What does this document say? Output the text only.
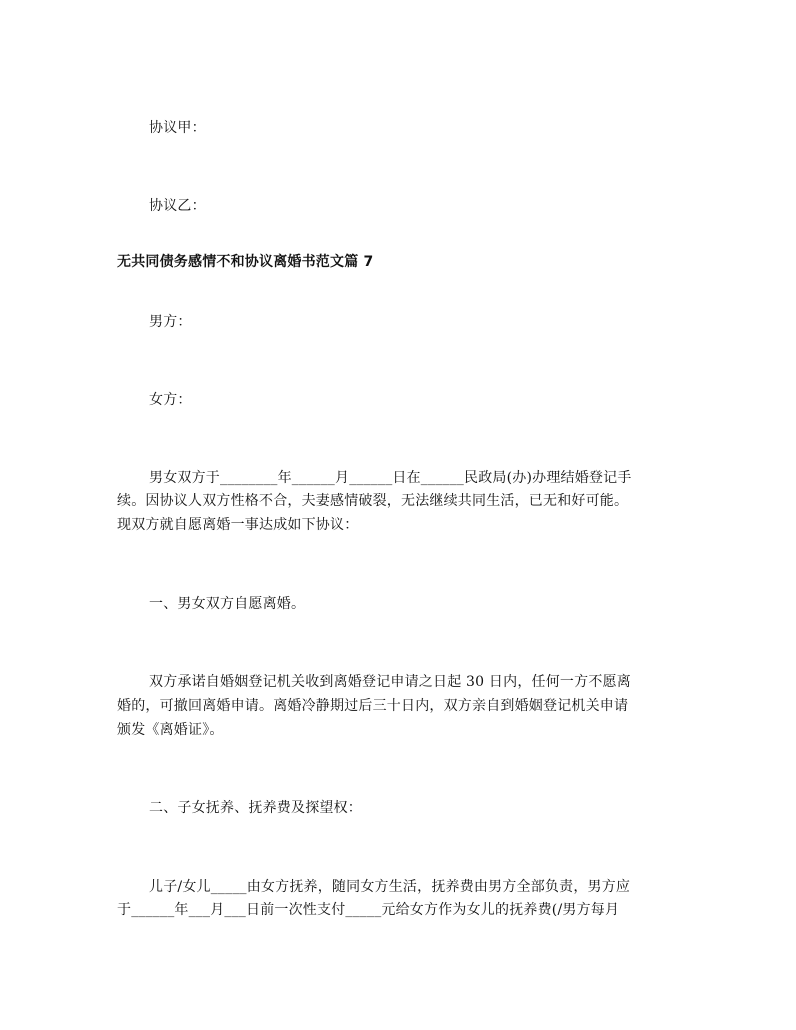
协议甲：
协议乙：
无共同债务感情不和协议离婚书范文篇 7
男方：
女方：
男女双方于________年______月______日在______民政局(办)办理结婚登记手
续。因协议人双方性格不合，夫妻感情破裂，无法继续共同生活，已无和好可能。
现双方就自愿离婚一事达成如下协议：
一、男女双方自愿离婚。
双方承诺自婚姻登记机关收到离婚登记申请之日起 30 日内，任何一方不愿离
婚的，可撤回离婚申请。离婚冷静期过后三十日内，双方亲自到婚姻登记机关申请
颁发《离婚证》。
二、子女抚养、抚养费及探望权：
儿子/女儿_____由女方抚养，随同女方生活，抚养费由男方全部负责，男方应
于______年___月___日前一次性支付_____元给女方作为女儿的抚养费(/男方每月
